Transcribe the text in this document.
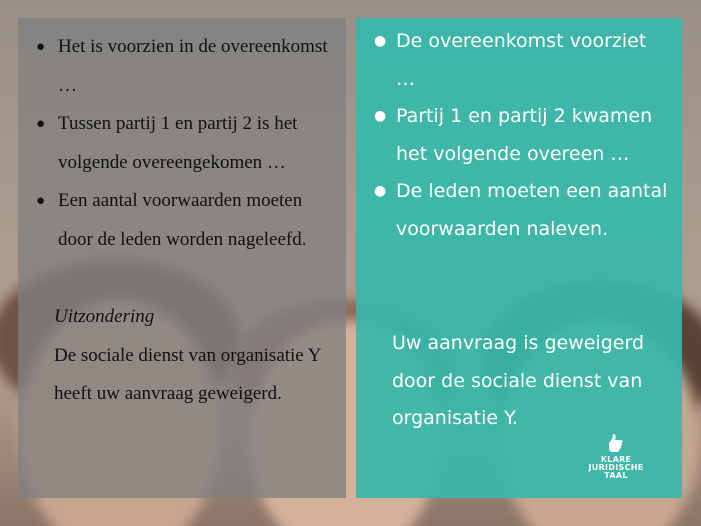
● Het is voorzien in de overeenkomst …
● Tussen partij 1 en partij 2 is het volgende overeengekomen …
● Een aantal voorwaarden moeten door de leden worden nageleefd.
Uitzondering
De sociale dienst van organisatie Y heeft uw aanvraag geweigerd.
● De overeenkomst voorziet …
● Partij 1 en partij 2 kwamen het volgende overeen …
● De leden moeten een aantal voorwaarden naleven.
Uw aanvraag is geweigerd door de sociale dienst van organisatie Y.
KLARE
JURIDISCHE
TAAL
